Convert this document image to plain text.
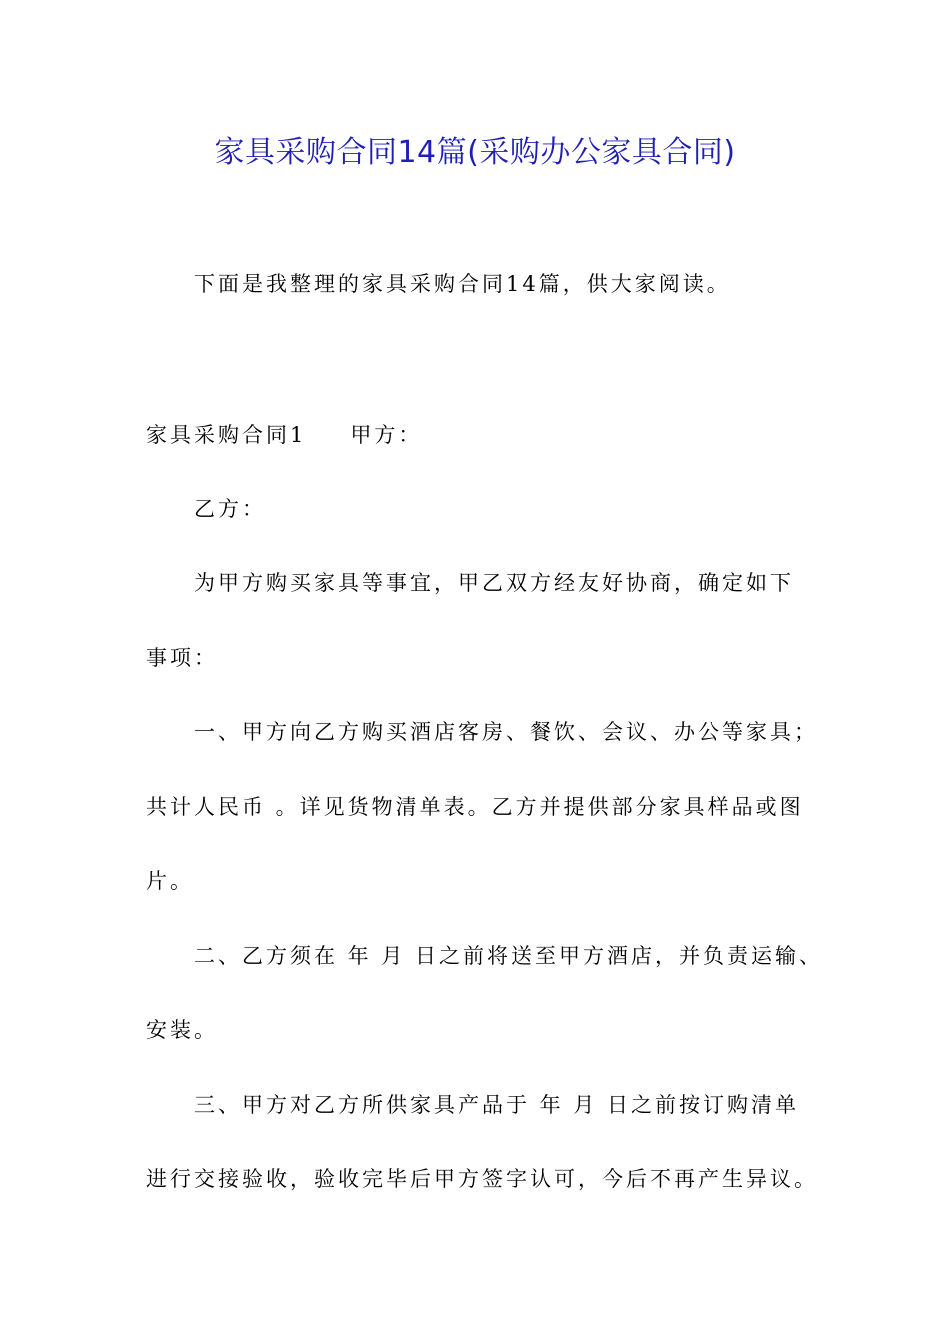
家具采购合同14篇(采购办公家具合同)
下面是我整理的家具采购合同14篇，供大家阅读。
家具采购合同1 甲方：
乙方：
为甲方购买家具等事宜，甲乙双方经友好协商，确定如下
事项：
一、甲方向乙方购买酒店客房、餐饮、会议、办公等家具；
共计人民币 。详见货物清单表。乙方并提供部分家具样品或图
片。
二、乙方须在 年 月 日之前将送至甲方酒店，并负责运输、
安装。
三、甲方对乙方所供家具产品于 年 月 日之前按订购清单
进行交接验收，验收完毕后甲方签字认可，今后不再产生异议。
